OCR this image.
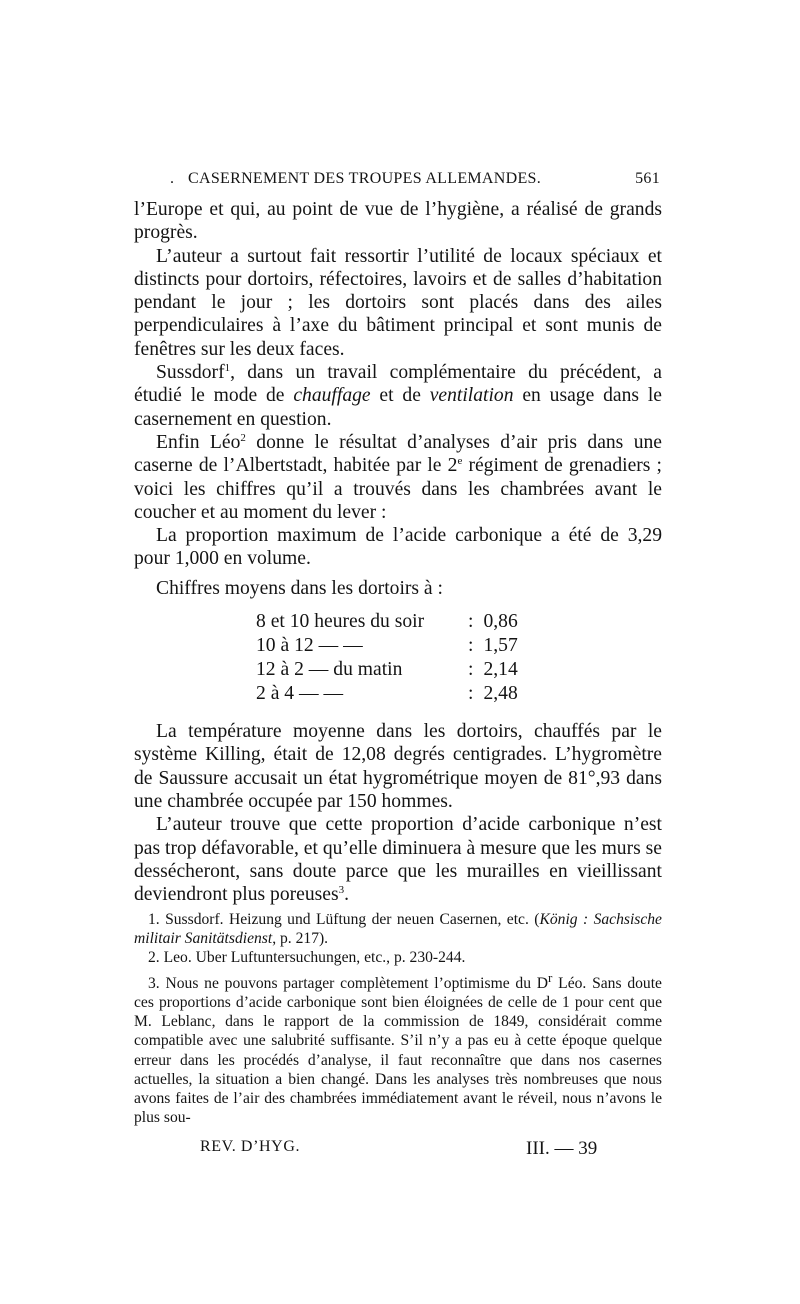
. CASERNEMENT DES TROUPES ALLEMANDES.	561

l’Europe et qui, au point de vue de l’hygiène, a réalisé de grands progrès.

L’auteur a surtout fait ressortir l’utilité de locaux spéciaux et distincts pour dortoirs, réfectoires, lavoirs et de salles d’habitation pendant le jour ; les dortoirs sont placés dans des ailes perpendiculaires à l’axe du bâtiment principal et sont munis de fenêtres sur les deux faces.

Sussdorf$^1$, dans un travail complémentaire du précédent, a étudié le mode de chauffage et de ventilation en usage dans le casernement en question.

Enfin Léo$^2$ donne le résultat d’analyses d’air pris dans une caserne de l’Albertstadt, habitée par le 2e régiment de grenadiers ; voici les chiffres qu’il a trouvés dans les chambrées avant le coucher et au moment du lever :

La proportion maximum de l’acide carbonique a été de 3,29 pour 1,000 en volume.

Chiffres moyens dans les dortoirs à :

8 et 10 heures du soir	: 0,86
10 à 12 — —	: 1,57
12 à 2 — du matin	: 2,14
2 à 4 — —	: 2,48

La température moyenne dans les dortoirs, chauffés par le système Killing, était de 12,08 degrés centigrades. L’hygromètre de Saussure accusait un état hygrométrique moyen de 81°,93 dans une chambrée occupée par 150 hommes.

L’auteur trouve que cette proportion d’acide carbonique n’est pas trop défavorable, et qu’elle diminuera à mesure que les murs se dessécheront, sans doute parce que les murailles en vieillissant deviendront plus poreuses$^3$.

1. Sussdorf. Heizung und Lüftung der neuen Casernen, etc. (König : Sachsische militair Sanitätsdienst, p. 217).

2. Leo. Uber Luftuntersuchungen, etc., p. 230-244.

3. Nous ne pouvons partager complètement l’optimisme du $D^r$ Léo. Sans doute ces proportions d’acide carbonique sont bien éloignées de celle de 1 pour cent que M. Leblanc, dans le rapport de la commission de 1849, considérait comme compatible avec une salubrité suffisante. S’il n’y a pas eu à cette époque quelque erreur dans les procédés d’analyse, il faut reconnaître que dans nos casernes actuelles, la situation a bien changé. Dans les analyses très nombreuses que nous avons faites de l’air des chambrées immédiatement avant le réveil, nous n’avons le plus sou-

REV. D’HYG.	III. — 39
